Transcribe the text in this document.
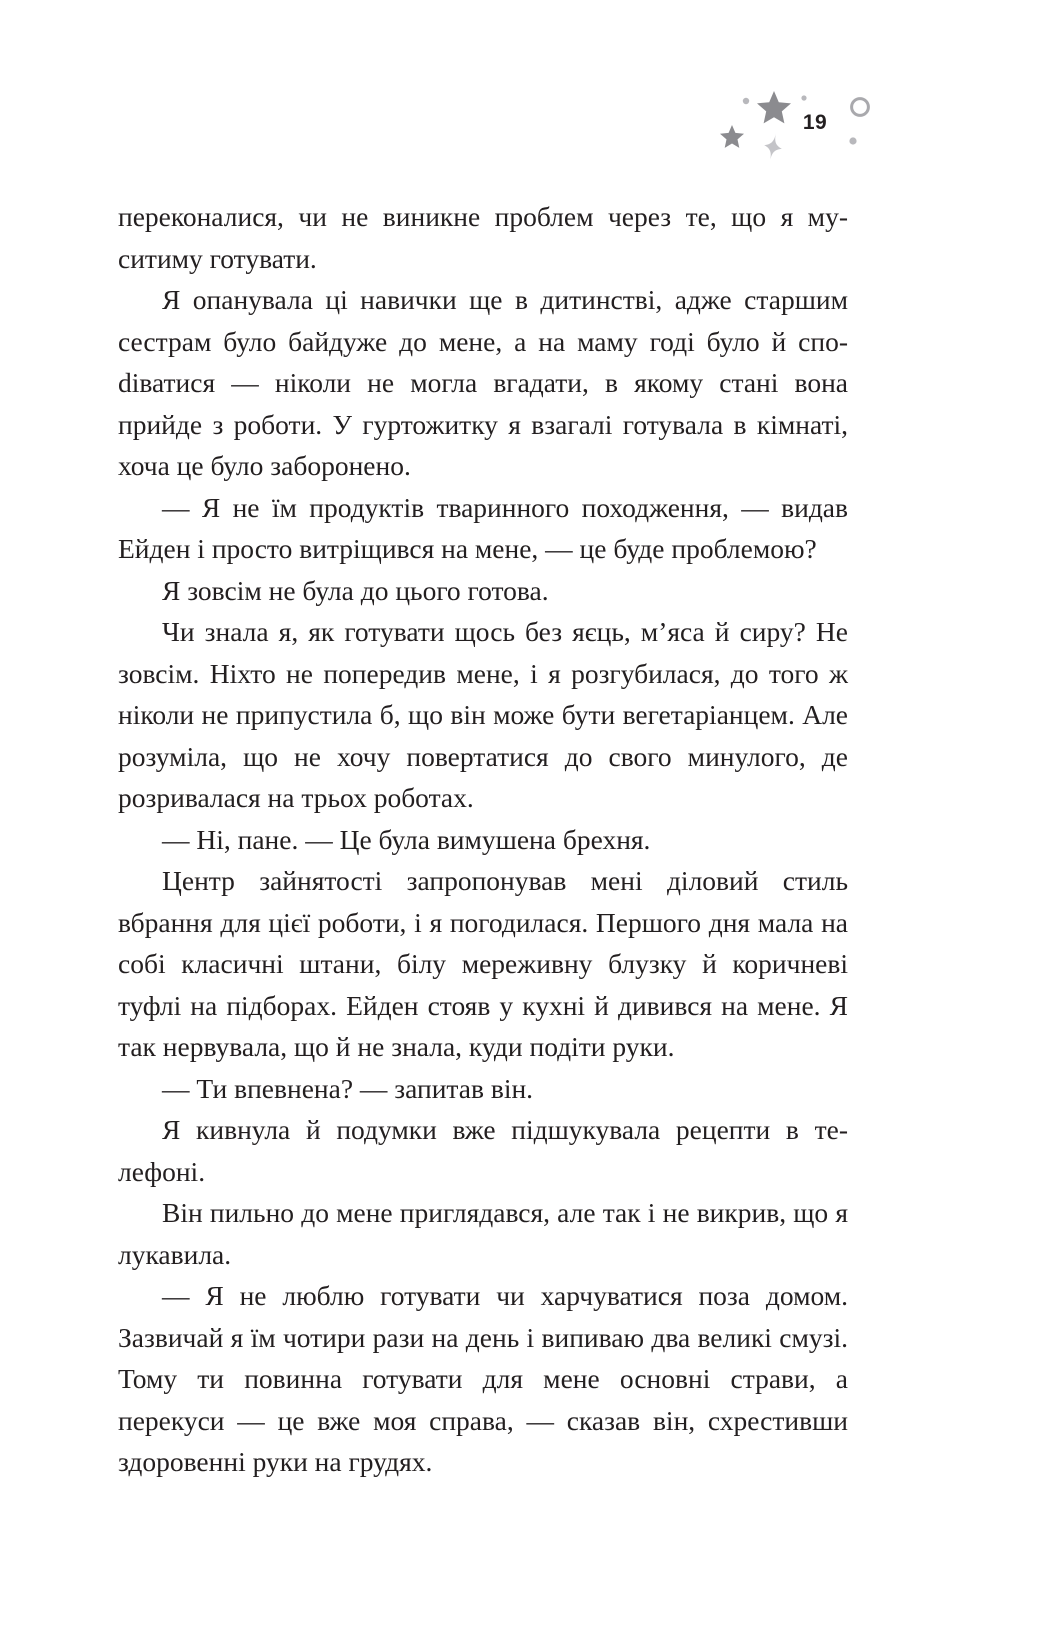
19

переконалися, чи не виникне проблем через те, що я муситиму готувати.

Я опанувала ці навички ще в дитинстві, адже старшим сестрам було байдуже до мене, а на маму годі було й споdіватися — ніколи не могла вгадати, в якому стані вона прийде з роботи. У гуртожитку я взагалі готувала в кімнаті, хоча це було заборонено.

— Я не їм продуктів тваринного походження, — видав Ейден і просто витріщився на мене, — це буде проблемою?

Я зовсім не була до цього готова.

Чи знала я, як готувати щось без яєць, м’яса й сиру? Не зовсім. Ніхто не попередив мене, і я розгубилася, до того ж ніколи не припустила б, що він може бути вегетаріанцем. Але розуміла, що не хочу повертатися до свого минулого, де розривалася на трьох роботах.

— Ні, пане. — Це була вимушена брехня.

Центр зайнятості запропонував мені діловий стиль вбрання для цієї роботи, і я погодилася. Першого дня мала на собі класичні штани, білу мереживну блузку й коричневі туфлі на підборах. Ейден стояв у кухні й дивився на мене. Я так нервувала, що й не знала, куди подіти руки.

— Ти впевнена? — запитав він.

Я кивнула й подумки вже підшукувала рецепти в телефоні.

Він пильно до мене приглядався, але так і не викрив, що я лукавила.

— Я не люблю готувати чи харчуватися поза домом. Зазвичай я їм чотири рази на день і випиваю два великі смузі. Тому ти повинна готувати для мене основні страви, а перекуси — це вже моя справа, — сказав він, схрестивши здоровенні руки на грудях.
